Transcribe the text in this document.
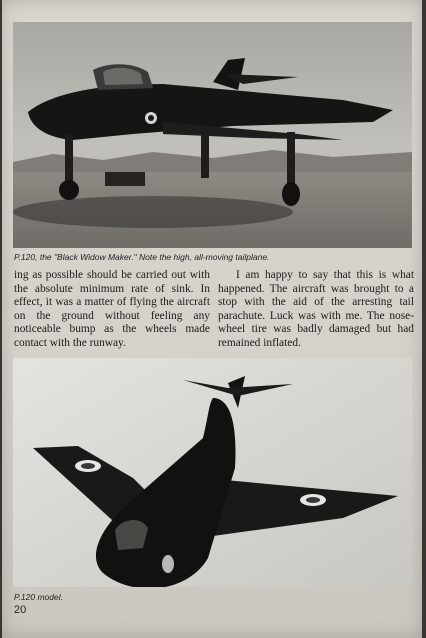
P.120, the "Black Widow Maker." Note the high, all-moving tailplane.
ing as possible should be carried out with the absolute minimum rate of sink. In effect, it was a matter of flying the aircraft on the ground without feeling any noticeable bump as the wheels made contact with the runway.
I am happy to say that this is what happened. The aircraft was brought to a stop with the aid of the arresting tail parachute. Luck was with me. The nose-wheel tire was badly damaged but had remained inflated.
P.120 model.
20
